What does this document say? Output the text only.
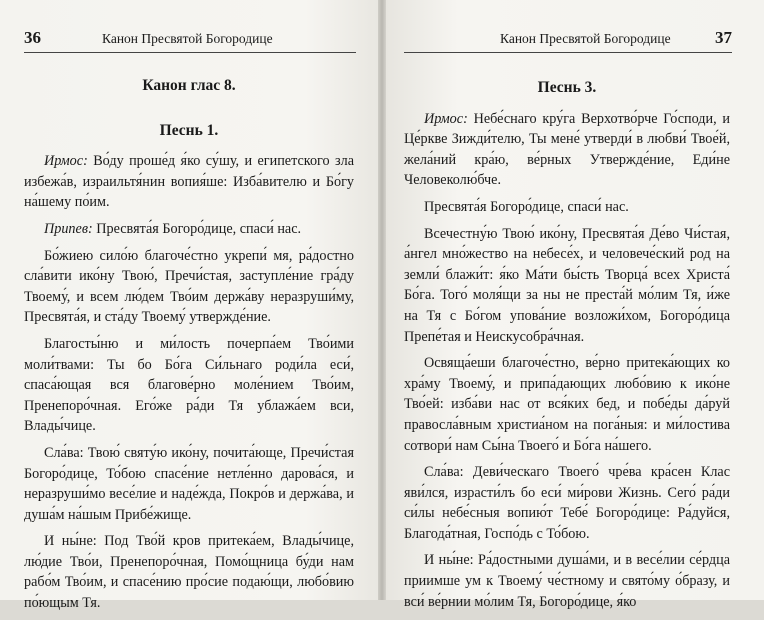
36	Канон Пресвятой Богородице
Канон глас 8.
Песнь 1.

Ирмос: Во́ду проше́д я́ко су́шу, и египетского зла избежа́в, израильтя́нин вопия́ше: Изба́вителю и Бо́гу на́шему по́им.

Припев: Пресвята́я Богоро́дице, спаси́ нас.

Бо́жиею сило́ю благоче́стно укрепи́ мя, ра́достно сла́вити ико́ну Твою́, Пречи́стая, заступле́ние гра́ду Твоему́, и всем лю́дем Тво́им держа́ву неразруши́му, Пресвята́я, и ста́ду Твоему́ утвержде́ние.

Благосты́ню и ми́лость почерпа́ем Тво́ими моли́твами: Ты бо Бо́га Си́льнаго роди́ла еси́, спаса́ющая вся благове́рно моле́нием Тво́им, Пренепоро́чная. Его́же ра́ди Тя ублажа́ем вси, Влады́чице.

Сла́ва: Твою́ святу́ю ико́ну, почита́юще, Пречи́стая Богоро́дице, То́бою спасе́ние нетле́нно дарова́ся, и неразруши́мо весе́лие и наде́жда, Покро́в и держа́ва, и душа́м на́шым Прибе́жище.

И ны́не: Под Тво́й кров притека́ем, Влады́чице, лю́дие Тво́и, Пренепоро́чная, Помо́щница бу́ди нам рабо́м Тво́им, и спасе́нию про́сие подаю́щи, любо́вию по́ющым Тя.

Канон Пресвятой Богородице	37
Песнь 3.

Ирмос: Небе́снаго кру́га Верхотво́рче Го́споди, и Це́ркве Зижди́телю, Ты мене́ утверди́ в любви́ Твое́й, жела́ний кра́ю, ве́рных Утвержде́ние, Еди́не Человеколю́бче.

Пресвята́я Богоро́дице, спаси́ нас.

Всечестну́ю Твою́ ико́ну, Пресвята́я Де́во Чи́стая, а́нгел мно́жество на небесе́х, и человече́ский род на земли́ блажи́т: я́ко Ма́ти бы́сть Творца́ всех Христа́ Бо́га. Того́ моля́щи за ны не преста́й мо́лим Тя, и́же на Тя с Бо́гом упова́ние возложи́хом, Богоро́дица Препе́тая и Неискусобра́чная.

Освяща́еши благоче́стно, ве́рно притека́ющих ко хра́му Твоему́, и припа́дающих любо́вию к ико́не Тво́ей: изба́ви нас от вся́ких бед, и побе́ды да́руй правосла́вным христиа́ном на пога́ныя: и ми́лостива сотвори́ нам Сы́на Твоего́ и Бо́га на́шего.

Сла́ва: Деви́ческаго Твоего́ чре́ва кра́сен Клас яви́лся, израсти́лъ бо еси́ ми́рови Жизнь. Сего́ ра́ди си́лы небе́сныя вопию́т Тебе́ Богоро́дице: Ра́дуйся, Благода́тная, Госпо́дь с То́бою.

И ны́не: Ра́достными душа́ми, и в весе́лии се́рдца приимше ум к Твоему́ че́стному и свято́му о́бразу, и вси́ ве́рнии мо́лим Тя, Богоро́дице, я́ко
